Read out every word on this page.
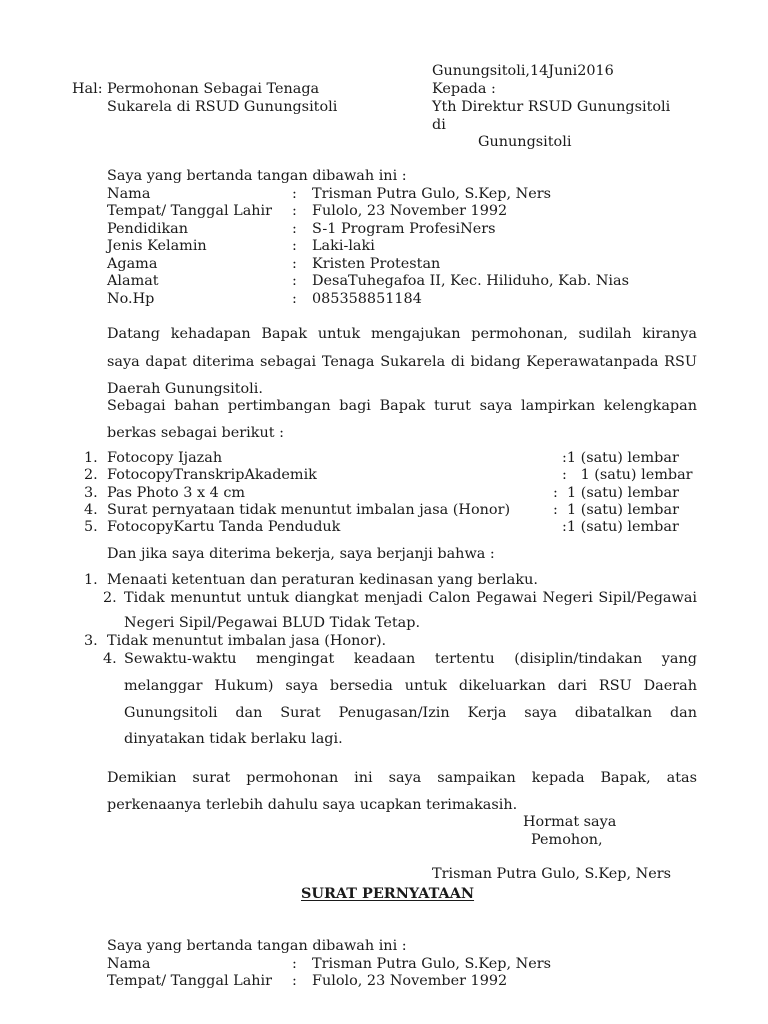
Gunungsitoli,14Juni2016
Hal: Permohonan Sebagai Tenaga
Sukarela di RSUD Gunungsitoli
Kepada :
Yth Direktur RSUD Gunungsitoli
di
Gunungsitoli
Saya yang bertanda tangan dibawah ini :
Nama	: Trisman Putra Gulo, S.Kep, Ners
Tempat/ Tanggal Lahir : Fulolo, 23 November 1992
Pendidikan	: S-1 Program ProfesiNers
Jenis Kelamin	: Laki-laki
Agama	: Kristen Protestan
Alamat	: DesaTuhegafoa II, Kec. Hiliduho, Kab. Nias
No.Hp	: 085358851184
Datang kehadapan Bapak untuk mengajukan permohonan, sudilah kiranya
saya dapat diterima sebagai Tenaga Sukarela di bidang Keperawatanpada RSU
Daerah Gunungsitoli.
Sebagai bahan pertimbangan bagi Bapak turut saya lampirkan kelengkapan
berkas sebagai berikut :
1. Fotocopy Ijazah	:1 (satu) lembar
2. FotocopyTranskripAkademik	:   1 (satu) lembar
3. Pas Photo 3 x 4 cm	:  1 (satu) lembar
4. Surat pernyataan tidak menuntut imbalan jasa (Honor)	:  1 (satu) lembar
5. FotocopyKartu Tanda Penduduk	:1 (satu) lembar
Dan jika saya diterima bekerja, saya berjanji bahwa :
1. Menaati ketentuan dan peraturan kedinasan yang berlaku.
2. Tidak menuntut untuk diangkat menjadi Calon Pegawai Negeri Sipil/Pegawai
Negeri Sipil/Pegawai BLUD Tidak Tetap.
3. Tidak menuntut imbalan jasa (Honor).
4. Sewaktu-waktu mengingat keadaan tertentu (disiplin/tindakan yang
melanggar Hukum) saya bersedia untuk dikeluarkan dari RSU Daerah
Gunungsitoli dan Surat Penugasan/Izin Kerja saya dibatalkan dan
dinyatakan tidak berlaku lagi.
Demikian surat permohonan ini saya sampaikan kepada Bapak, atas
perkenaanya terlebih dahulu saya ucapkan terimakasih.
Hormat saya
Pemohon,
Trisman Putra Gulo, S.Kep, Ners
SURAT PERNYATAAN
Saya yang bertanda tangan dibawah ini :
Nama	: Trisman Putra Gulo, S.Kep, Ners
Tempat/ Tanggal Lahir : Fulolo, 23 November 1992
